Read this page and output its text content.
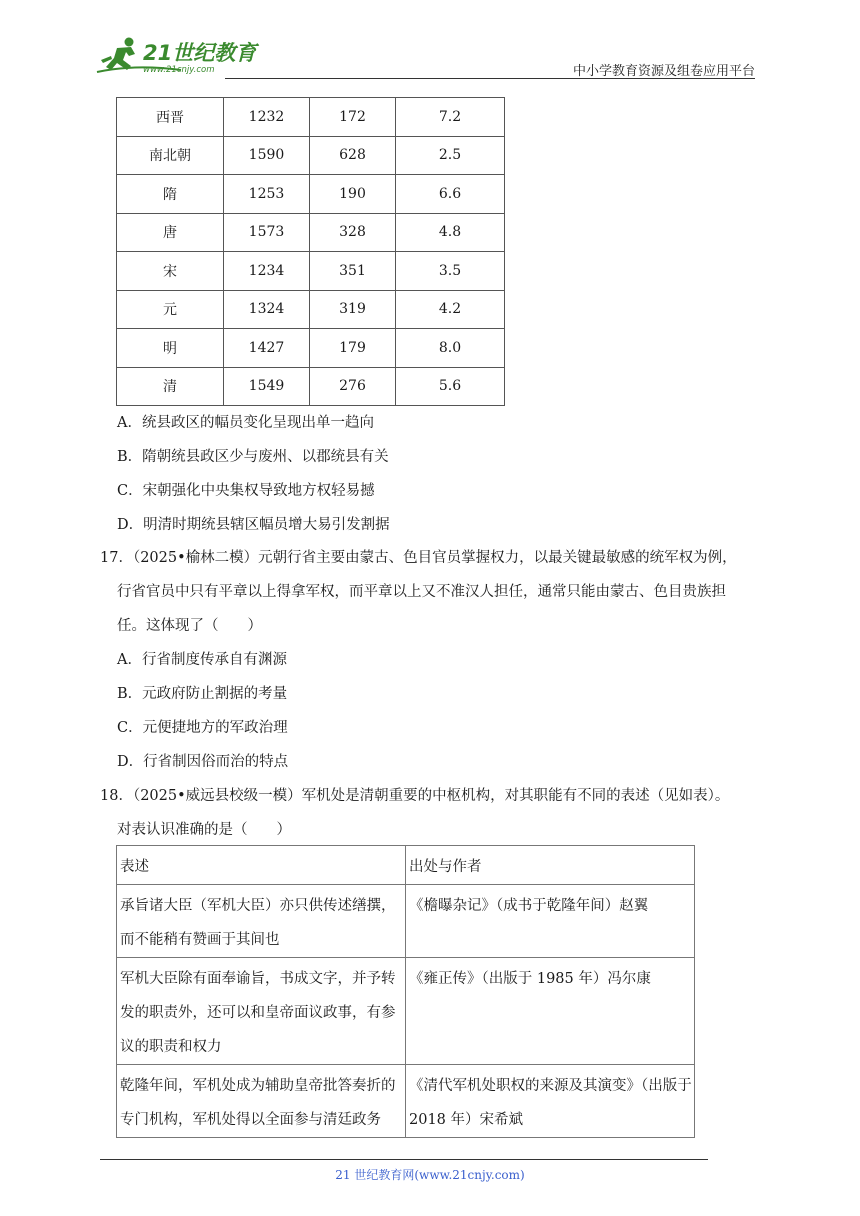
21世纪教育
www.21cnjy.com	中小学教育资源及组卷应用平台
西晋	1232	172	7.2
南北朝	1590	628	2.5
隋	1253	190	6.6
唐	1573	328	4.8
宋	1234	351	3.5
元	1324	319	4.2
明	1427	179	8.0
清	1549	276	5.6
A．统县政区的幅员变化呈现出单一趋向
B．隋朝统县政区少与废州、以郡统县有关
C．宋朝强化中央集权导致地方权轻易撼
D．明清时期统县辖区幅员增大易引发割据
17．（2025•榆林二模）元朝行省主要由蒙古、色目官员掌握权力，以最关键最敏感的统军权为例，
行省官员中只有平章以上得拿军权，而平章以上又不准汉人担任，通常只能由蒙古、色目贵族担
任。这体现了（　　）
A．行省制度传承自有渊源
B．元政府防止割据的考量
C．元便捷地方的军政治理
D．行省制因俗而治的特点
18．（2025•威远县校级一模）军机处是清朝重要的中枢机构，对其职能有不同的表述（见如表）。
对表认识准确的是（　　）
表述	出处与作者
承旨诸大臣（军机大臣）亦只供传述缮撰，而不能稍有赞画于其间也	《檐曝杂记》（成书于乾隆年间）赵翼
军机大臣除有面奉谕旨，书成文字，并予转发的职责外，还可以和皇帝面议政事，有参议的职责和权力	《雍正传》（出版于 1985 年）冯尔康
乾隆年间，军机处成为辅助皇帝批答奏折的专门机构，军机处得以全面参与清廷政务	《清代军机处职权的来源及其演变》（出版于 2018 年）宋希斌
21 世纪教育网(www.21cnjy.com)
